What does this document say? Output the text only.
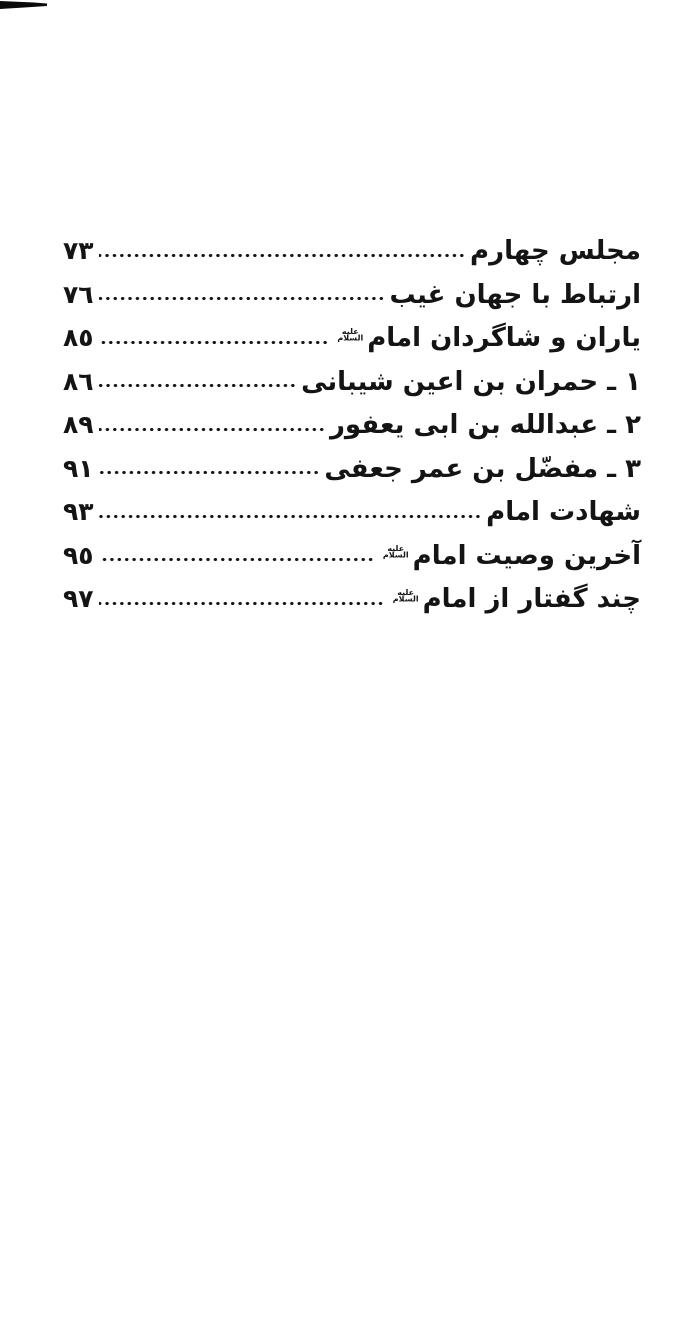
مجلس چهارم
٧٣
ارتباط با جهان غیب
٧٦
یاران و شاگردان امام
علیه
السلام
٨٥
۱ ـ حمران بن اعین شیبانی
٨٦
۲ ـ عبدالله بن ابی یعفور
٨٩
۳ ـ مفضّل بن عمر جعفی
٩١
شهادت امام
٩٣
آخرین وصیت امام
علیه
السلام
٩٥
چند گفتار از امام
علیه
السلام
٩٧
